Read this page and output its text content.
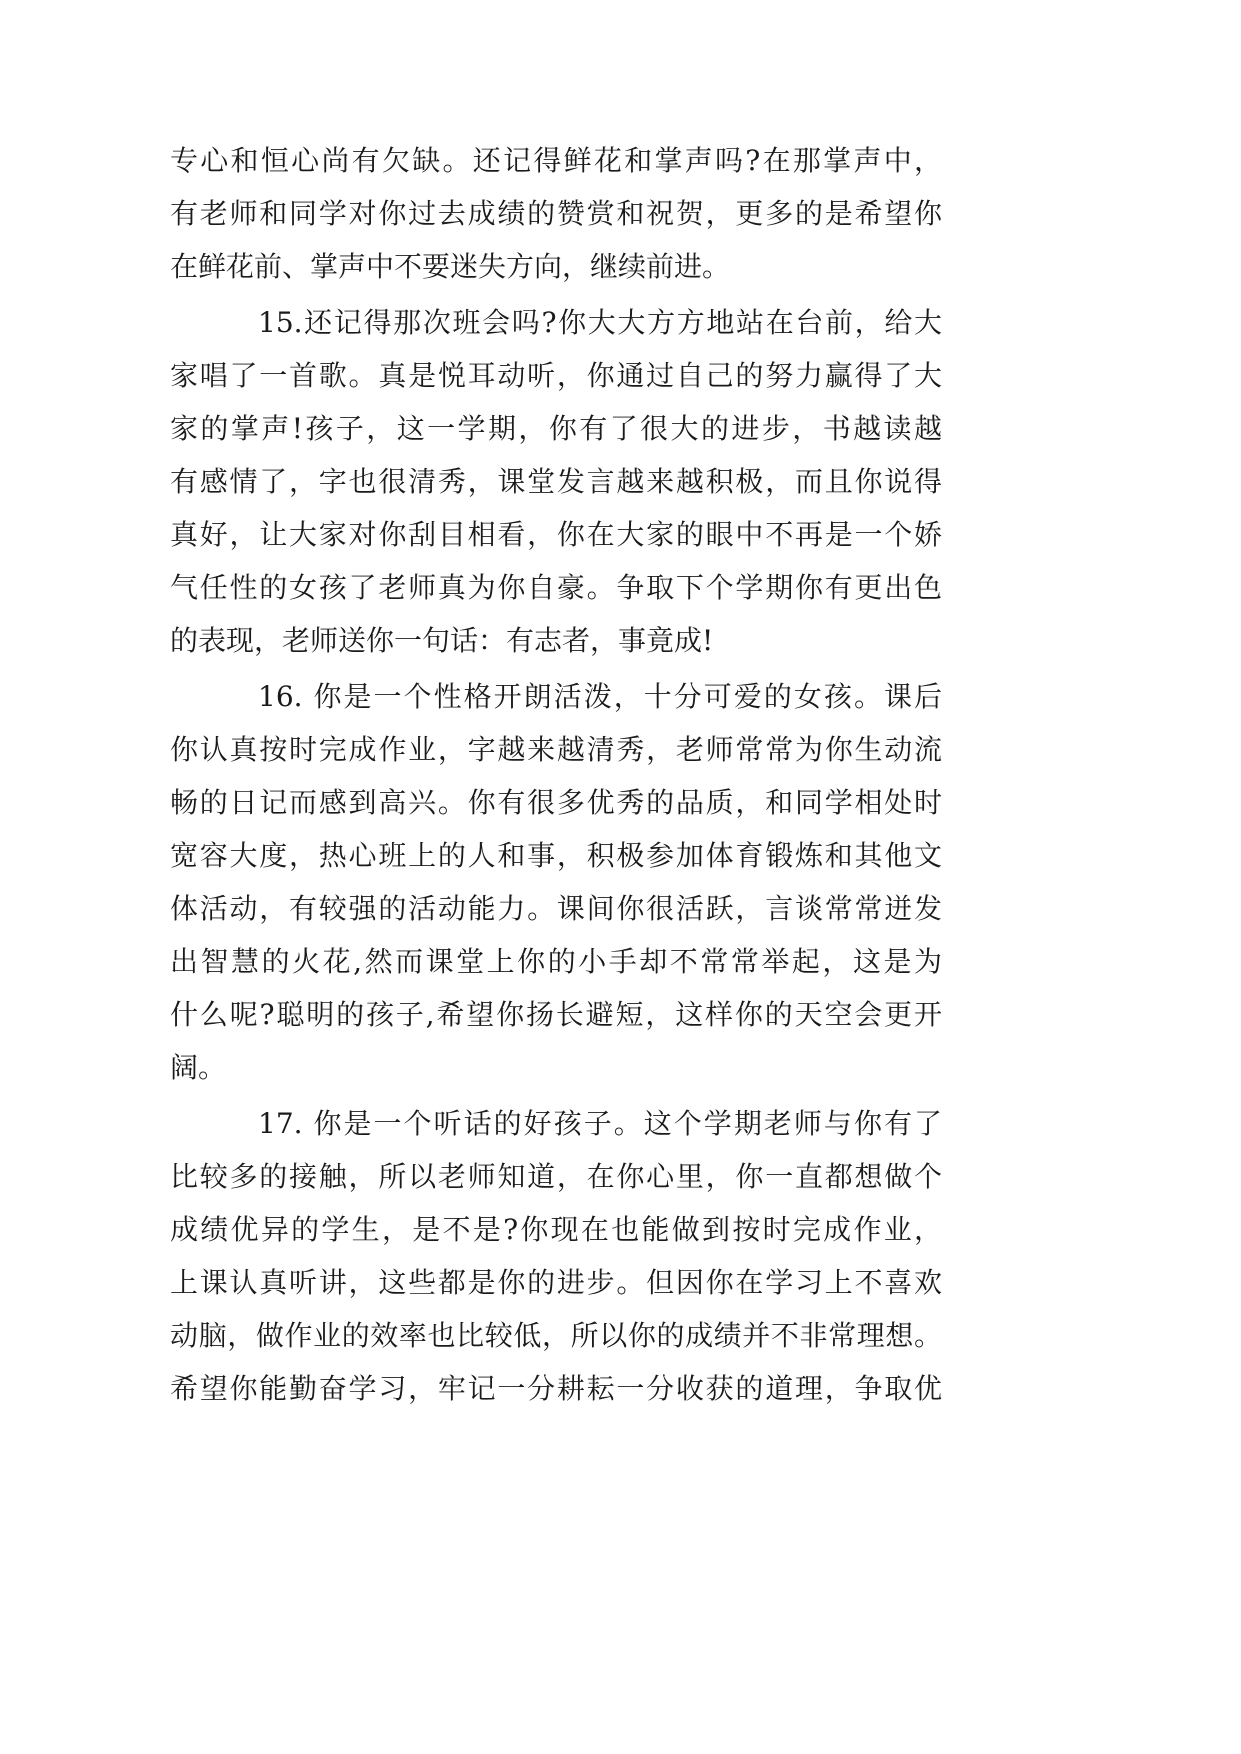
专心和恒心尚有欠缺。还记得鲜花和掌声吗?在那掌声中，
有老师和同学对你过去成绩的赞赏和祝贺，更多的是希望你
在鲜花前、掌声中不要迷失方向，继续前进。
15.还记得那次班会吗?你大大方方地站在台前，给大
家唱了一首歌。真是悦耳动听，你通过自己的努力赢得了大
家的掌声!孩子，这一学期，你有了很大的进步，书越读越
有感情了，字也很清秀，课堂发言越来越积极，而且你说得
真好，让大家对你刮目相看，你在大家的眼中不再是一个娇
气任性的女孩了老师真为你自豪。争取下个学期你有更出色
的表现，老师送你一句话：有志者，事竟成!
16. 你是一个性格开朗活泼，十分可爱的女孩。课后
你认真按时完成作业，字越来越清秀，老师常常为你生动流
畅的日记而感到高兴。你有很多优秀的品质，和同学相处时
宽容大度，热心班上的人和事，积极参加体育锻炼和其他文
体活动，有较强的活动能力。课间你很活跃，言谈常常迸发
出智慧的火花,然而课堂上你的小手却不常常举起，这是为
什么呢?聪明的孩子,希望你扬长避短，这样你的天空会更开
阔。
17. 你是一个听话的好孩子。这个学期老师与你有了
比较多的接触，所以老师知道，在你心里，你一直都想做个
成绩优异的学生，是不是?你现在也能做到按时完成作业，
上课认真听讲，这些都是你的进步。但因你在学习上不喜欢
动脑，做作业的效率也比较低，所以你的成绩并不非常理想。
希望你能勤奋学习，牢记一分耕耘一分收获的道理，争取优
